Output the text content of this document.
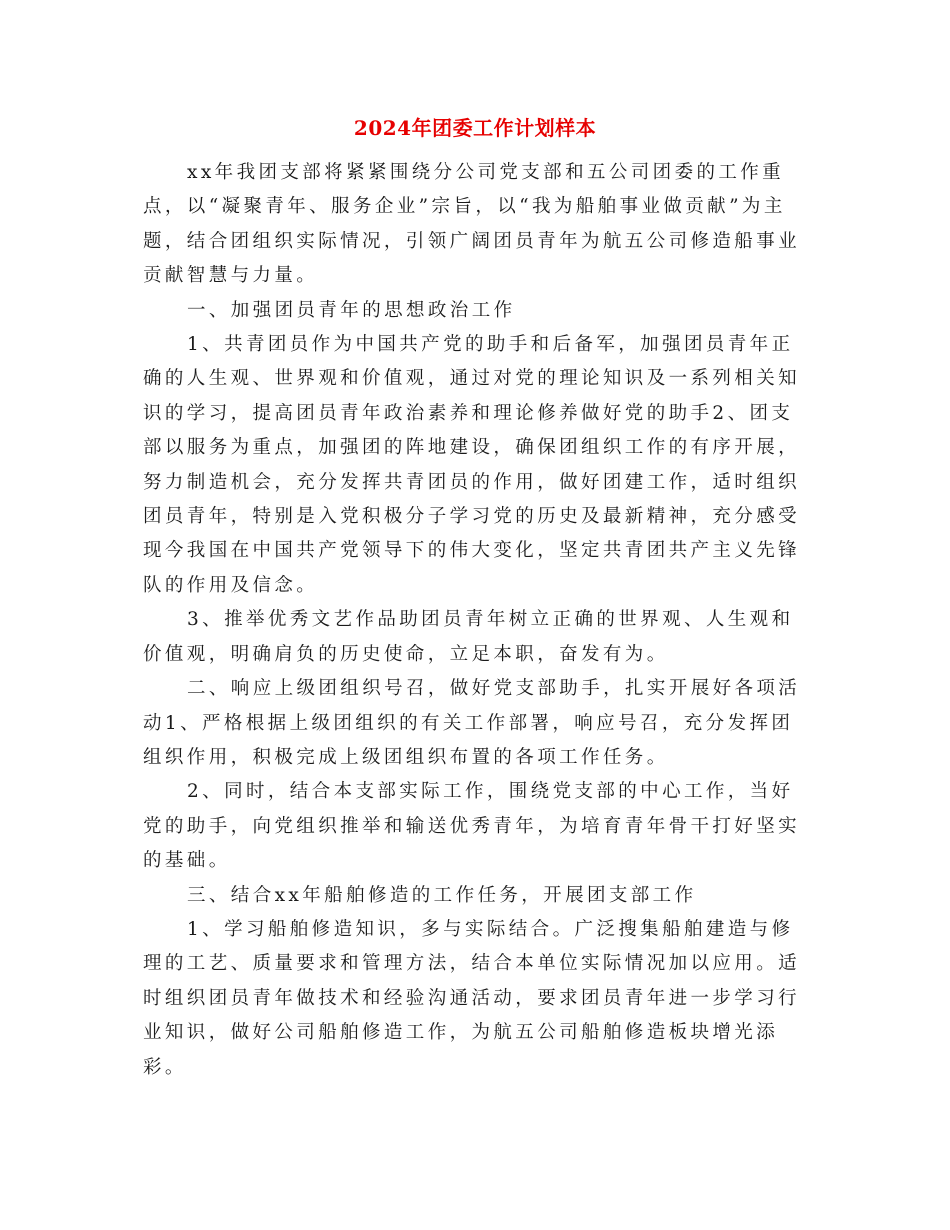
2024年团委工作计划样本

xx年我团支部将紧紧围绕分公司党支部和五公司团委的工作重点，以“凝聚青年、服务企业”宗旨，以“我为船舶事业做贡献”为主题，结合团组织实际情况，引领广阔团员青年为航五公司修造船事业贡献智慧与力量。

一、加强团员青年的思想政治工作

1、共青团员作为中国共产党的助手和后备军，加强团员青年正确的人生观、世界观和价值观，通过对党的理论知识及一系列相关知识的学习，提高团员青年政治素养和理论修养做好党的助手2、团支部以服务为重点，加强团的阵地建设，确保团组织工作的有序开展，努力制造机会，充分发挥共青团员的作用，做好团建工作，适时组织团员青年，特别是入党积极分子学习党的历史及最新精神，充分感受现今我国在中国共产党领导下的伟大变化，坚定共青团共产主义先锋队的作用及信念。

3、推举优秀文艺作品助团员青年树立正确的世界观、人生观和价值观，明确肩负的历史使命，立足本职，奋发有为。

二、响应上级团组织号召，做好党支部助手，扎实开展好各项活动1、严格根据上级团组织的有关工作部署，响应号召，充分发挥团组织作用，积极完成上级团组织布置的各项工作任务。

2、同时，结合本支部实际工作，围绕党支部的中心工作，当好党的助手，向党组织推举和输送优秀青年，为培育青年骨干打好坚实的基础。

三、结合xx年船舶修造的工作任务，开展团支部工作

1、学习船舶修造知识，多与实际结合。广泛搜集船舶建造与修理的工艺、质量要求和管理方法，结合本单位实际情况加以应用。适时组织团员青年做技术和经验沟通活动，要求团员青年进一步学习行业知识，做好公司船舶修造工作，为航五公司船舶修造板块增光添彩。
